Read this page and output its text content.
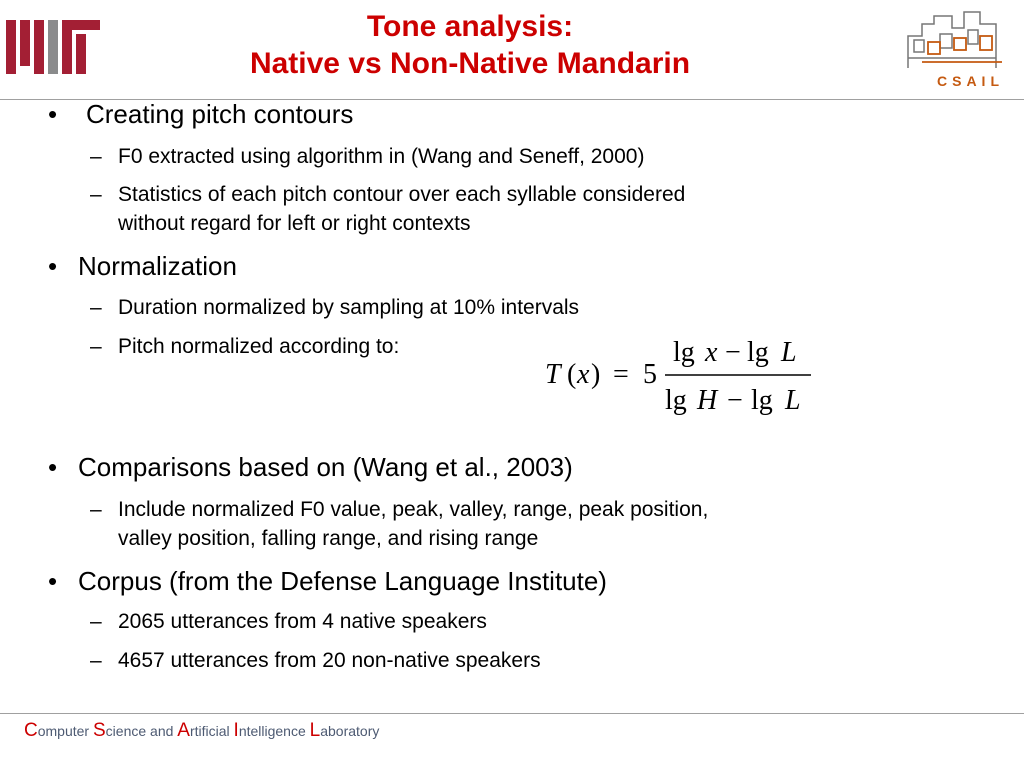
CSAIL
Tone analysis:
Native vs Non-Native Mandarin
• Creating pitch contours
– F0 extracted using algorithm in (Wang and Seneff, 2000)
– Statistics of each pitch contour over each syllable considered
without regard for left or right contexts
• Normalization
– Duration normalized by sampling at 10% intervals
– Pitch normalized according to:
T ( x ) = 5
lg x − lg L
lg H − lg L
• Comparisons based on (Wang et al., 2003)
– Include normalized F0 value, peak, valley, range, peak position,
valley position, falling range, and rising range
• Corpus (from the Defense Language Institute)
– 2065 utterances from 4 native speakers
– 4657 utterances from 20 non-native speakers
Computer Science and Artificial Intelligence Laboratory
